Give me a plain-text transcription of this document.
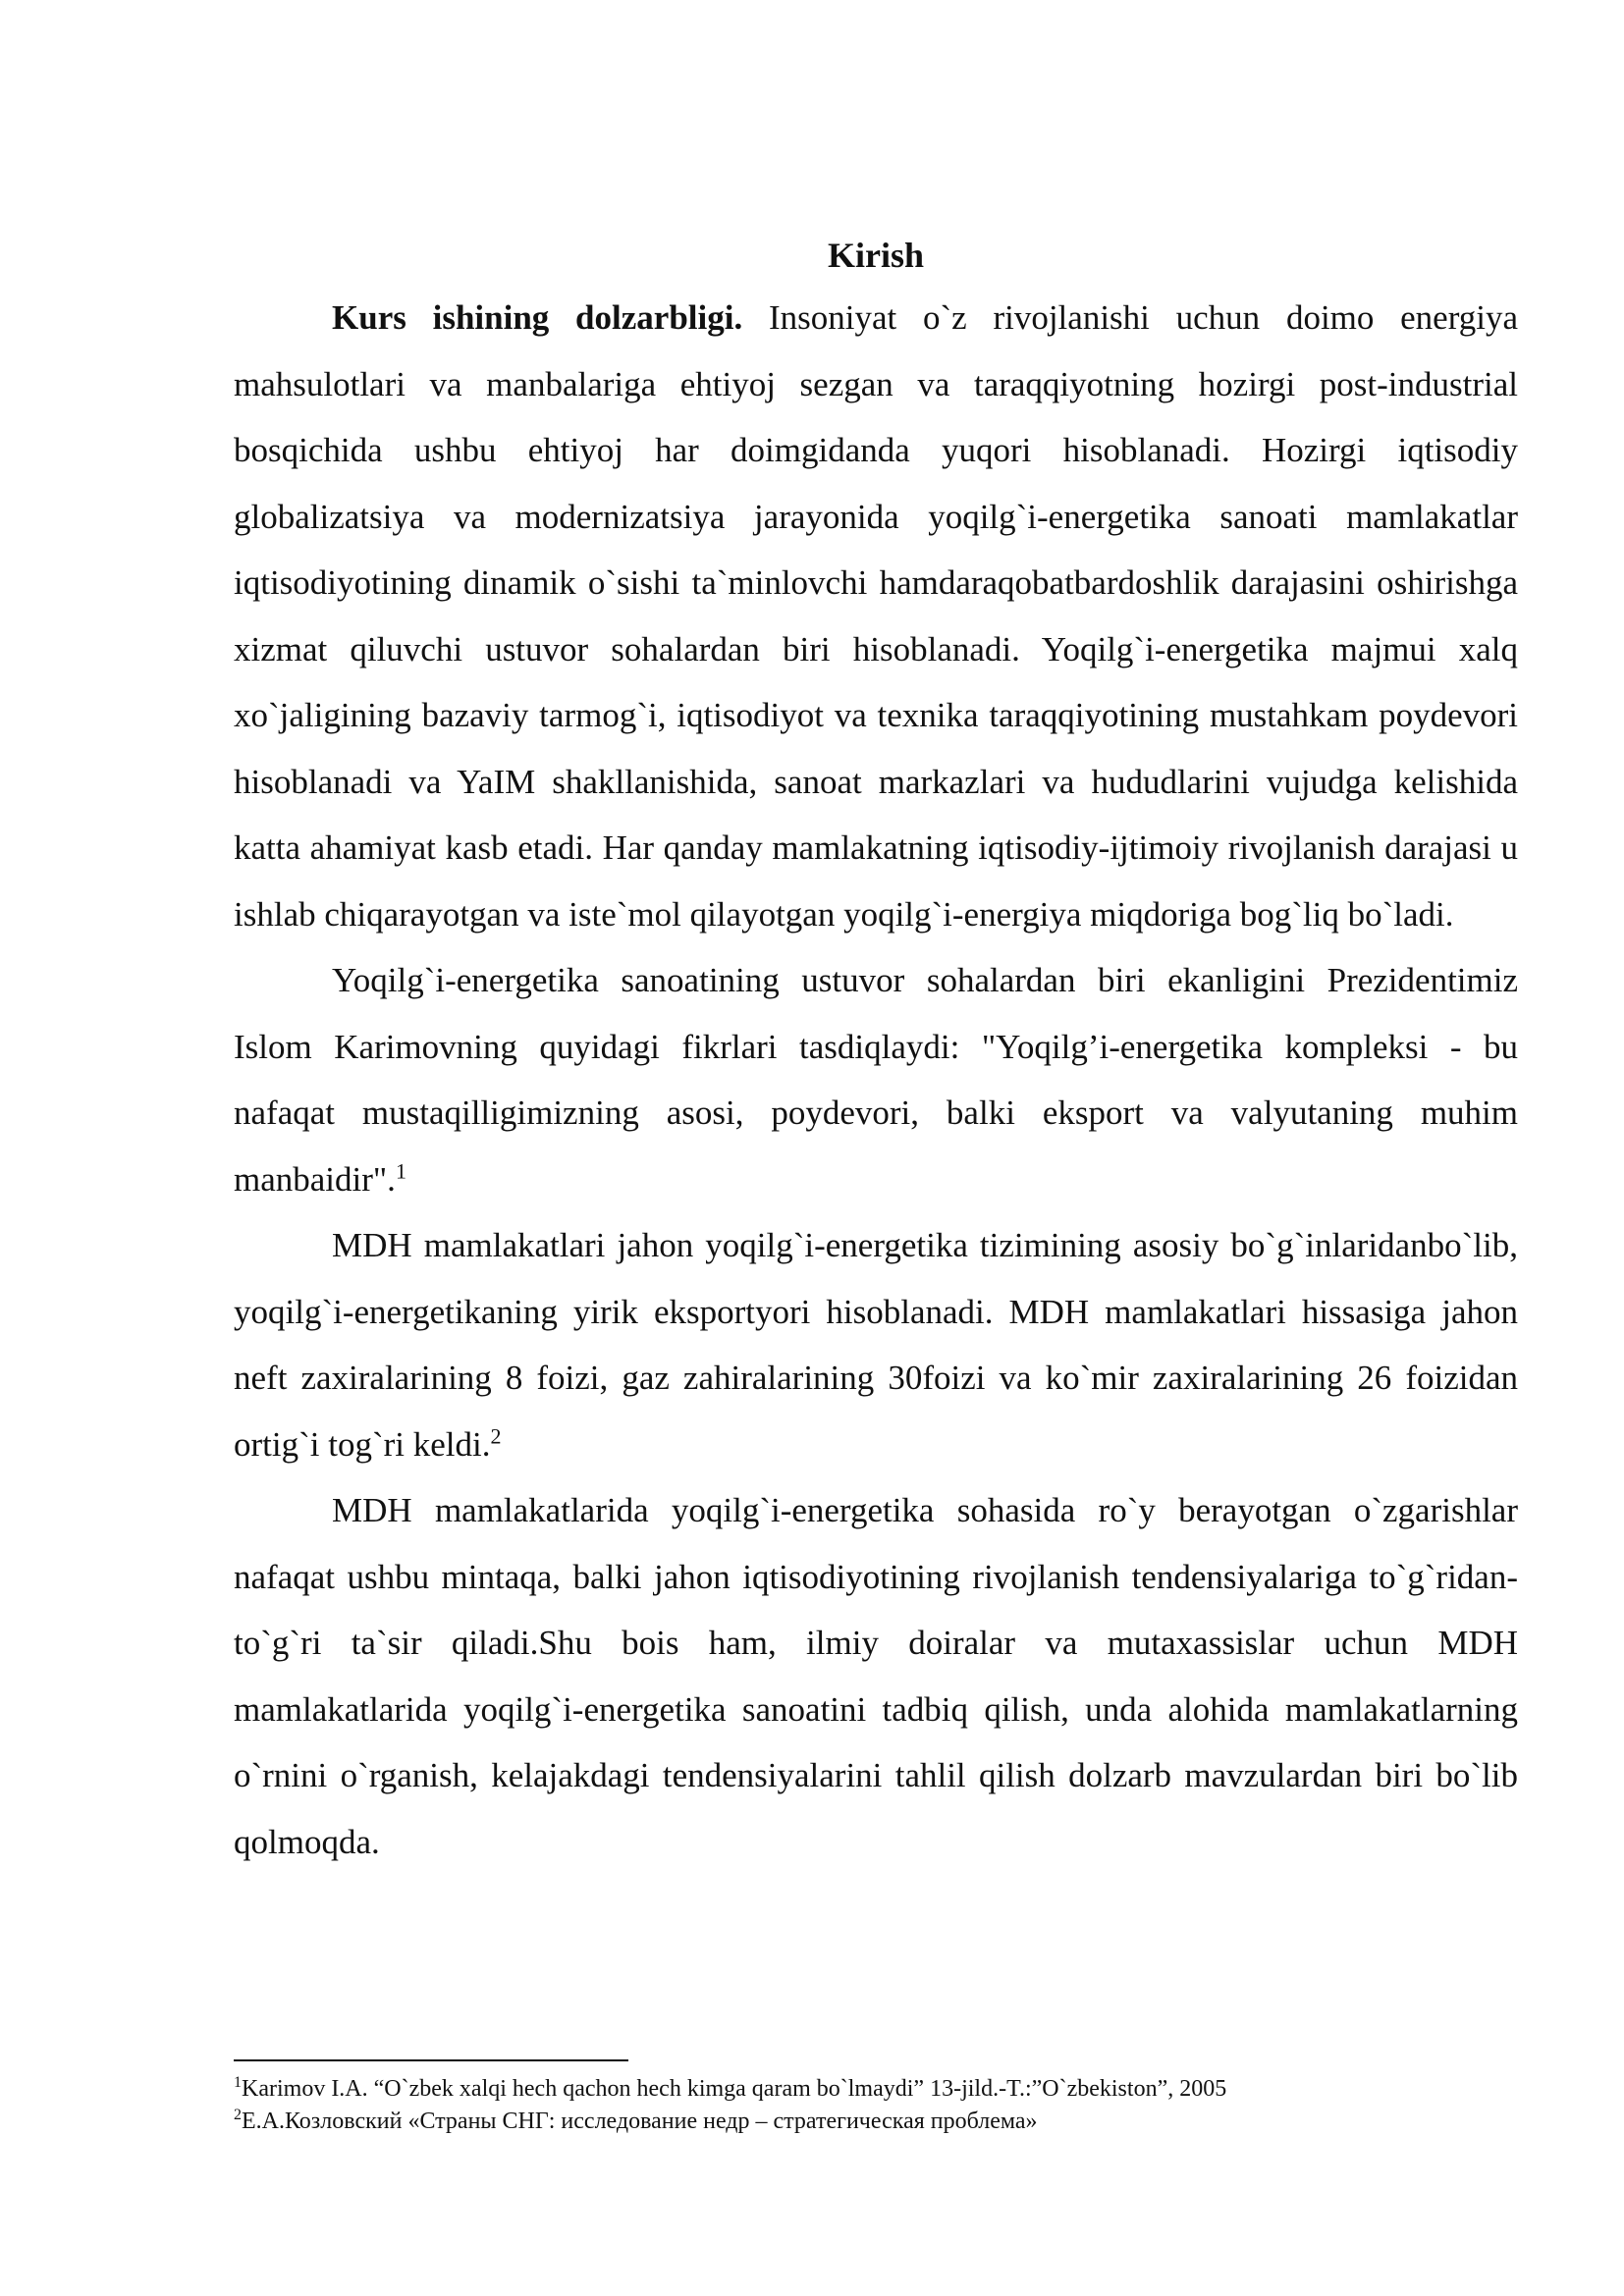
Kirish

Kurs ishining dolzarbligi. Insoniyat o`z rivojlanishi uchun doimo energiya mahsulotlari va manbalariga ehtiyoj sezgan va taraqqiyotning hozirgi post-industrial bosqichida ushbu ehtiyoj har doimgidanda yuqori hisoblanadi. Hozirgi iqtisodiy globalizatsiya va modernizatsiya jarayonida yoqilg`i-energetika sanoati mamlakatlar iqtisodiyotining dinamik o`sishi ta`minlovchi hamdaraqobatbardoshlik darajasini oshirishga xizmat qiluvchi ustuvor sohalardan biri hisoblanadi. Yoqilg`i-energetika majmui xalq xo`jaligining bazaviy tarmog`i, iqtisodiyot va texnika taraqqiyotining mustahkam poydevori hisoblanadi va YaIM shakllanishida, sanoat markazlari va hududlarini vujudga kelishida katta ahamiyat kasb etadi. Har qanday mamlakatning iqtisodiy-ijtimoiy rivojlanish darajasi u ishlab chiqarayotgan va iste`mol qilayotgan yoqilg`i-energiya miqdoriga bog`liq bo`ladi.

Yoqilg`i-energetika sanoatining ustuvor sohalardan biri ekanligini Prezidentimiz Islom Karimovning quyidagi fikrlari tasdiqlaydi: "Yoqilg’i-energetika kompleksi - bu nafaqat mustaqilligimizning asosi, poydevori, balki eksport va valyutaning muhim manbaidir".$^1$

MDH mamlakatlari jahon yoqilg`i-energetika tizimining asosiy bo`g`inlaridanbo`lib, yoqilg`i-energetikaning yirik eksportyori hisoblanadi. MDH mamlakatlari hissasiga jahon neft zaxiralarining 8 foizi, gaz zahiralarining 30foizi va ko`mir zaxiralarining 26 foizidan ortig`i tog`ri keldi.$^2$

MDH mamlakatlarida yoqilg`i-energetika sohasida ro`y berayotgan o`zgarishlar nafaqat ushbu mintaqa, balki jahon iqtisodiyotining rivojlanish tendensiyalariga to`g`ridan-to`g`ri ta`sir qiladi.Shu bois ham, ilmiy doiralar va mutaxassislar uchun MDH mamlakatlarida yoqilg`i-energetika sanoatini tadbiq qilish, unda alohida mamlakatlarning o`rnini o`rganish, kelajakdagi tendensiyalarini tahlil qilish dolzarb mavzulardan biri bo`lib qolmoqda.

$^1$Karimov I.A. “O`zbek xalqi hech qachon hech kimga qaram bo`lmaydi” 13-jild.-T.:”O`zbekiston”, 2005

$^2$Е.А.Козловский «Страны СНГ: исследование недр – стратегическая проблема»
